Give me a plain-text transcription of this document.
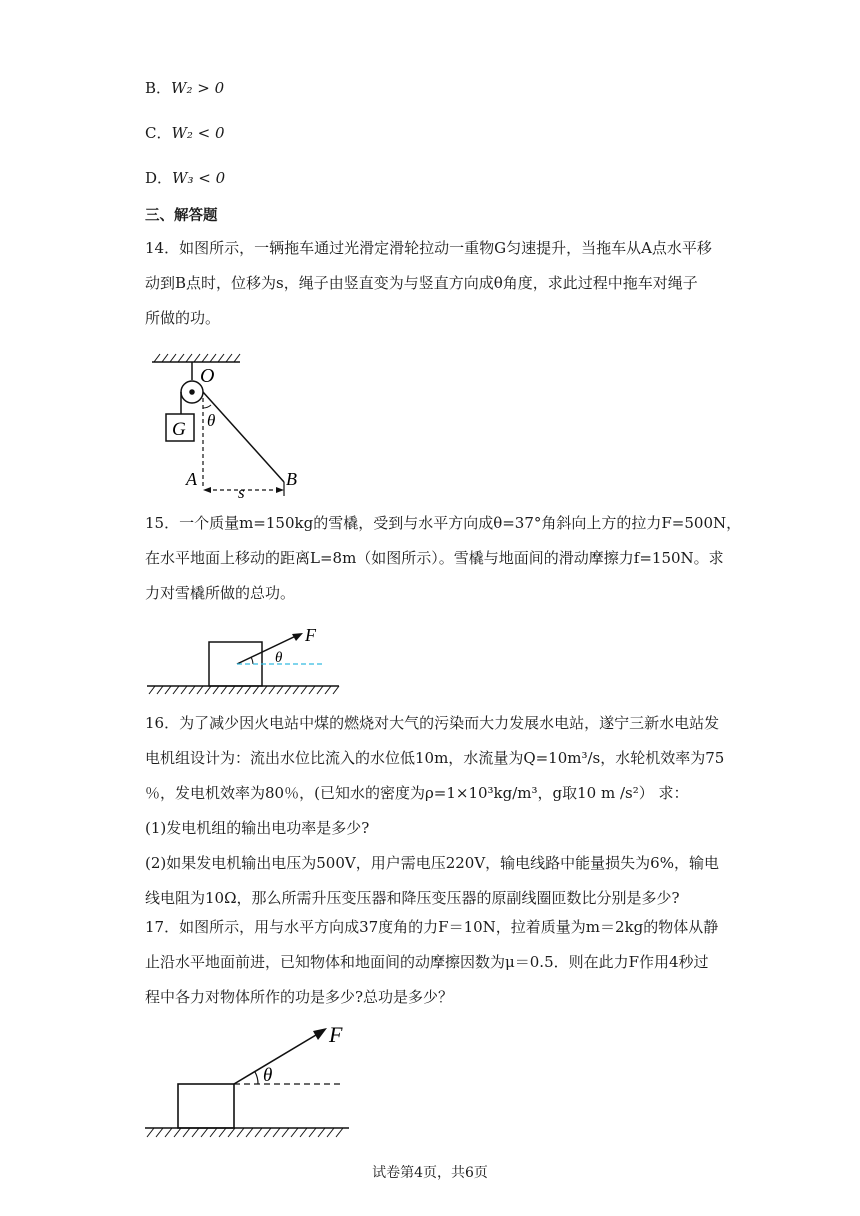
B．W₂ > 0
C．W₂ < 0
D．W₃ < 0
三、解答题
14．如图所示，一辆拖车通过光滑定滑轮拉动一重物G匀速提升，当拖车从A点水平移
动到B点时，位移为s，绳子由竖直变为与竖直方向成θ角度，求此过程中拖车对绳子
所做的功。
O
θ
G
A	B
s
15．一个质量m=150kg的雪橇，受到与水平方向成θ=37°角斜向上方的拉力F=500N，
在水平地面上移动的距离L=8m（如图所示）。雪橇与地面间的滑动摩擦力f=150N。求
力对雪橇所做的总功。
F
θ
16．为了减少因火电站中煤的燃烧对大气的污染而大力发展水电站，遂宁三新水电站发
电机组设计为：流出水位比流入的水位低10m，水流量为Q=10m³/s，水轮机效率为75
％，发电机效率为80％，(已知水的密度为ρ=1×10³kg/m³，g取10 m /s²） 求：
(1)发电机组的输出电功率是多少?
(2)如果发电机输出电压为500V，用户需电压220V，输电线路中能量损失为6%，输电
线电阻为10Ω，那么所需升压变压器和降压变压器的原副线圈匝数比分别是多少?
17．如图所示，用与水平方向成37度角的力F＝10N，拉着质量为m＝2kg的物体从静
止沿水平地面前进，已知物体和地面间的动摩擦因数为μ＝0.5．则在此力F作用4秒过
程中各力对物体所作的功是多少?总功是多少？
F
θ
试卷第4页，共6页
